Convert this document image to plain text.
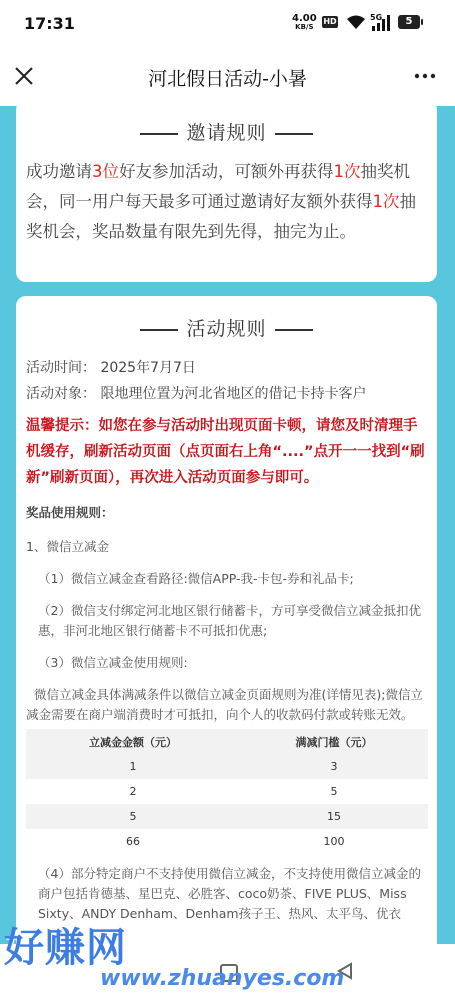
17:31	4.00
KB/S
HD	5G	5
河北假日活动-小暑
邀请规则
成功邀请3位好友参加活动，可额外再获得1次抽奖机会，同一用户每天最多可通过邀请好友额外获得1次抽奖机会，奖品数量有限先到先得，抽完为止。
活动规则
活动时间： 2025年7月7日
活动对象： 限地理位置为河北省地区的借记卡持卡客户
温馨提示：如您在参与活动时出现页面卡顿，请您及时清理手机缓存，刷新活动页面（点页面右上角“....”点开一一找到“刷新”刷新页面），再次进入活动页面参与即可。
奖品使用规则：
1、微信立减金
（1）微信立减金查看路径:微信APP-我-卡包-券和礼品卡;
（2）微信支付绑定河北地区银行储蓄卡，方可享受微信立减金抵扣优惠，非河北地区银行储蓄卡不可抵扣优惠;
（3）微信立减金使用规则:
微信立减金具体满减条件以微信立减金页面规则为准(详情见表);微信立减金需要在商户端消费时才可抵扣，向个人的收款码付款或转账无效。
立减金金额（元）	满减门槛（元）
1	3
2	5
5	15
66	100
（4）部分特定商户不支持使用微信立减金，不支持使用微信立减金的商户包括肯德基、星巴克、必胜客、coco奶茶、FIVE PLUS、Miss Sixty、ANDY Denham、Denham孩子王、热风、太平鸟、优衣
好赚网
www.zhuanyes.com
